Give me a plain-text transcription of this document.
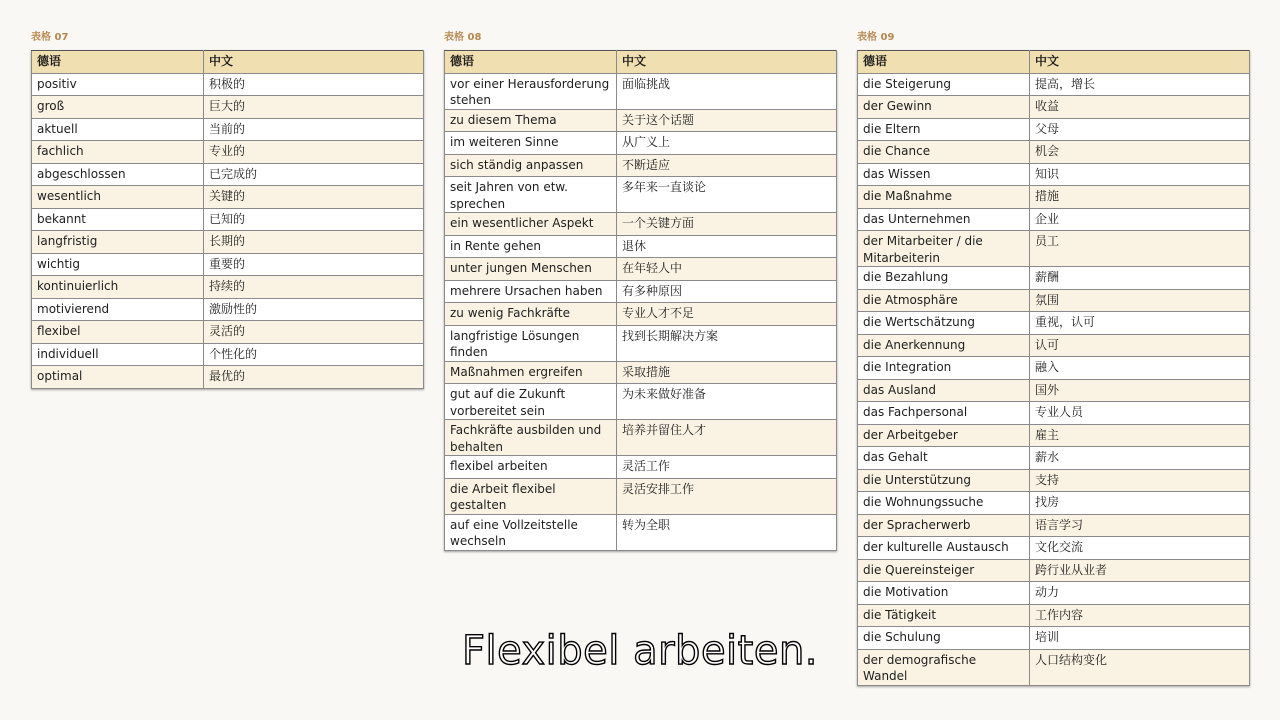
表格 07
德语	中文
positiv	积极的
groß	巨大的
aktuell	当前的
fachlich	专业的
abgeschlossen	已完成的
wesentlich	关键的
bekannt	已知的
langfristig	长期的
wichtig	重要的
kontinuierlich	持续的
motivierend	激励性的
flexibel	灵活的
individuell	个性化的
optimal	最优的
表格 08
德语	中文
vor einer Herausforderung stehen	面临挑战
zu diesem Thema	关于这个话题
im weiteren Sinne	从广义上
sich ständig anpassen	不断适应
seit Jahren von etw. sprechen	多年来一直谈论
ein wesentlicher Aspekt	一个关键方面
in Rente gehen	退休
unter jungen Menschen	在年轻人中
mehrere Ursachen haben	有多种原因
zu wenig Fachkräfte	专业人才不足
langfristige Lösungen finden	找到长期解决方案
Maßnahmen ergreifen	采取措施
gut auf die Zukunft vorbereitet sein	为未来做好准备
Fachkräfte ausbilden und behalten	培养并留住人才
flexibel arbeiten	灵活工作
die Arbeit flexibel gestalten	灵活安排工作
auf eine Vollzeitstelle wechseln	转为全职
表格 09
德语	中文
die Steigerung	提高，增长
der Gewinn	收益
die Eltern	父母
die Chance	机会
das Wissen	知识
die Maßnahme	措施
das Unternehmen	企业
der Mitarbeiter / die Mitarbeiterin	员工
die Bezahlung	薪酬
die Atmosphäre	氛围
die Wertschätzung	重视，认可
die Anerkennung	认可
die Integration	融入
das Ausland	国外
das Fachpersonal	专业人员
der Arbeitgeber	雇主
das Gehalt	薪水
die Unterstützung	支持
die Wohnungssuche	找房
der Spracherwerb	语言学习
der kulturelle Austausch	文化交流
die Quereinsteiger	跨行业从业者
die Motivation	动力
die Tätigkeit	工作内容
die Schulung	培训
der demografische Wandel	人口结构变化
Flexibel arbeiten.
